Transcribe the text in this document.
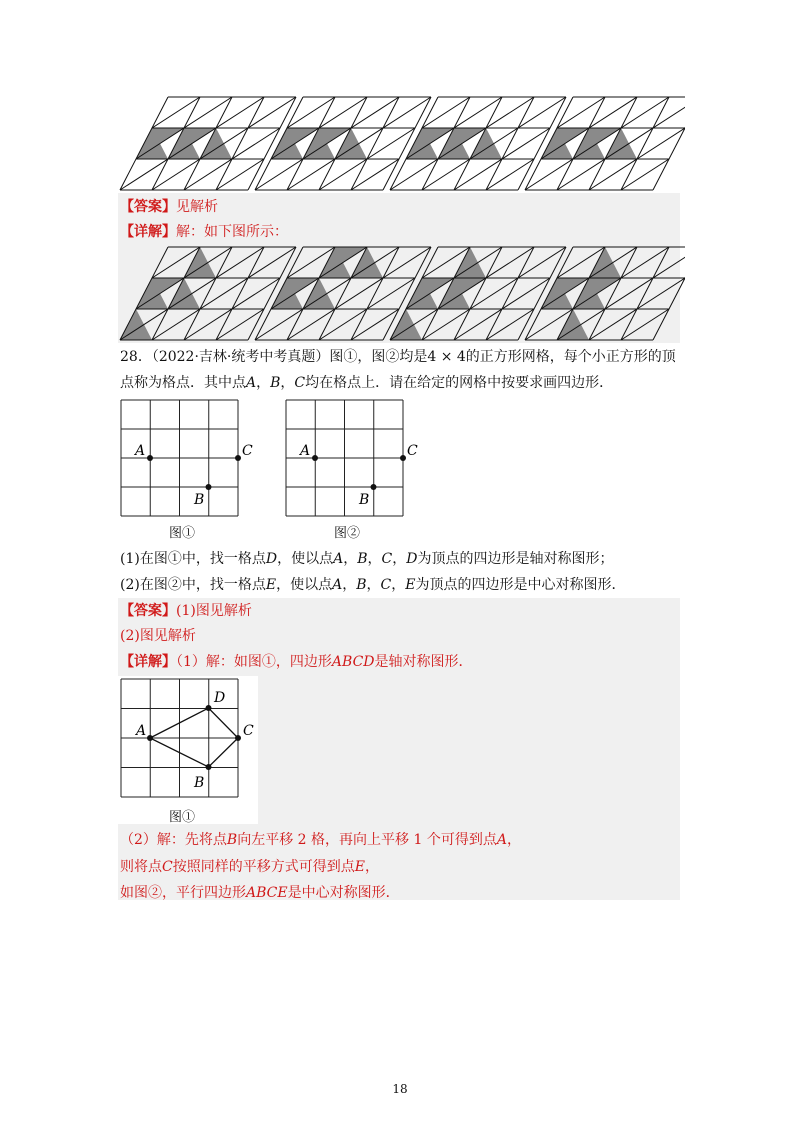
【答案】见解析
【详解】解：如下图所示：
28．（2022·吉林·统考中考真题）图①，图②均是4 × 4的正方形网格，每个小正方形的顶
点称为格点．其中点A，B，C均在格点上．请在给定的网格中按要求画四边形．
A	C
B
图①
A	C
B
图②
(1)在图①中，找一格点D，使以点A，B，C，D为顶点的四边形是轴对称图形；
(2)在图②中，找一格点E，使以点A，B，C，E为顶点的四边形是中心对称图形．
【答案】(1)图见解析
(2)图见解析
【详解】（1）解：如图①，四边形ABCD是轴对称图形．
A
D
C
B
图①
（2）解：先将点B向左平移 2 格，再向上平移 1 个可得到点A，
则将点C按照同样的平移方式可得到点E，
如图②，平行四边形ABCE是中心对称图形．
18
